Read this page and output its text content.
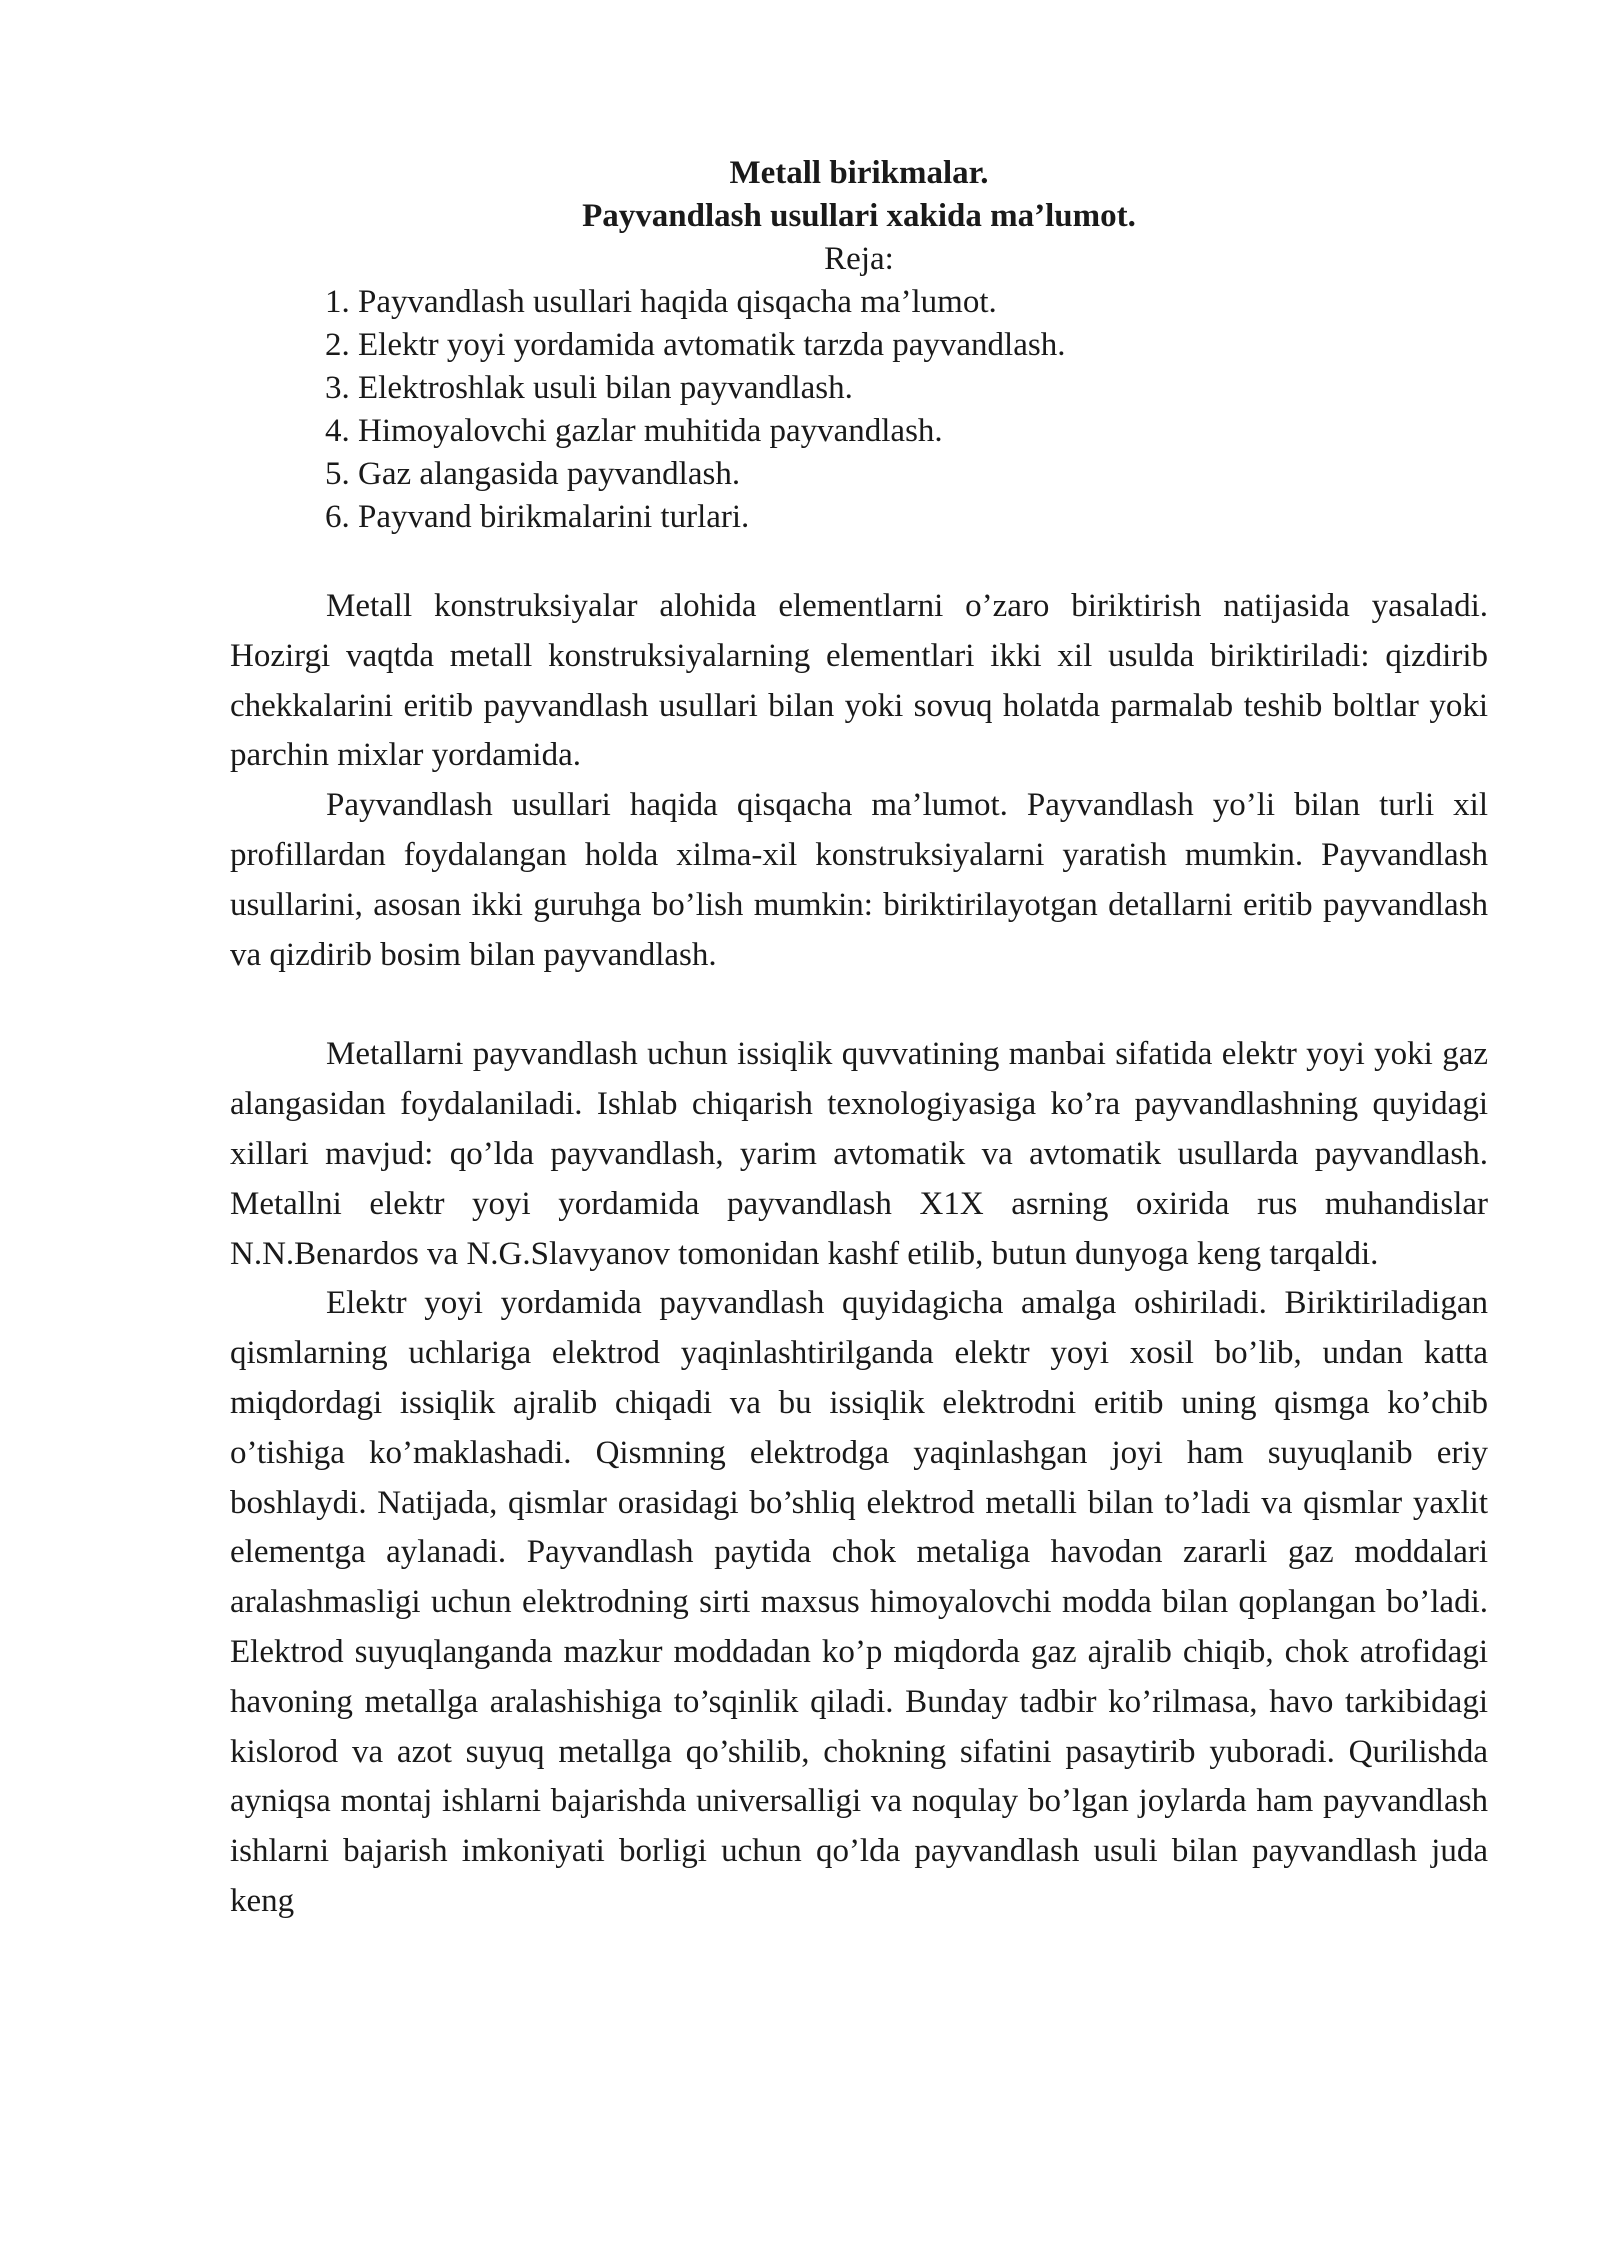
Metall birikmalar.

Payvandlash usullari xakida ma’lumot.

Reja:

1. Payvandlash usullari haqida qisqacha ma’lumot.
2. Elektr yoyi yordamida avtomatik tarzda payvandlash.
3. Elektroshlak usuli bilan payvandlash.
4. Himoyalovchi gazlar muhitida payvandlash.
5. Gaz alangasida payvandlash.
6. Payvand birikmalarini turlari.

Metall konstruksiyalar alohida elementlarni o’zaro biriktirish natijasida yasaladi. Hozirgi vaqtda metall konstruksiyalarning elementlari ikki xil usulda biriktiriladi: qizdirib chekkalarini eritib payvandlash usullari bilan yoki sovuq holatda parmalab teshib boltlar yoki parchin mixlar yordamida.

Payvandlash usullari haqida qisqacha ma’lumot. Payvandlash yo’li bilan turli xil profillardan foydalangan holda xilma-xil konstruksiyalarni yaratish mumkin. Payvandlash usullarini, asosan ikki guruhga bo’lish mumkin: biriktirilayotgan detallarni eritib payvandlash va qizdirib bosim bilan payvandlash.

Metallarni payvandlash uchun issiqlik quvvatining manbai sifatida elektr yoyi yoki gaz alangasidan foydalaniladi. Ishlab chiqarish texnologiyasiga ko’ra payvandlashning quyidagi xillari mavjud: qo’lda payvandlash, yarim avtomatik va avtomatik usullarda payvandlash. Metallni elektr yoyi yordamida payvandlash X1X asrning oxirida rus muhandislar N.N.Benardos va N.G.Slavyanov tomonidan kashf etilib, butun dunyoga keng tarqaldi.

Elektr yoyi yordamida payvandlash quyidagicha amalga oshiriladi. Biriktiriladigan qismlarning uchlariga elektrod yaqinlashtirilganda elektr yoyi xosil bo’lib, undan katta miqdordagi issiqlik ajralib chiqadi va bu issiqlik elektrodni eritib uning qismga ko’chib o’tishiga ko’maklashadi. Qismning elektrodga yaqinlashgan joyi ham suyuqlanib eriy boshlaydi. Natijada, qismlar orasidagi bo’shliq elektrod metalli bilan to’ladi va qismlar yaxlit elementga aylanadi. Payvandlash paytida chok metaliga havodan zararli gaz moddalari aralashmasligi uchun elektrodning sirti maxsus himoyalovchi modda bilan qoplangan bo’ladi. Elektrod suyuqlanganda mazkur moddadan ko’p miqdorda gaz ajralib chiqib, chok atrofidagi havoning metallga aralashishiga to’sqinlik qiladi. Bunday tadbir ko’rilmasa, havo tarkibidagi kislorod va azot suyuq metallga qo’shilib, chokning sifatini pasaytirib yuboradi. Qurilishda ayniqsa montaj ishlarni bajarishda universalligi va noqulay bo’lgan joylarda ham payvandlash ishlarni bajarish imkoniyati borligi uchun qo’lda payvandlash usuli bilan payvandlash juda keng
